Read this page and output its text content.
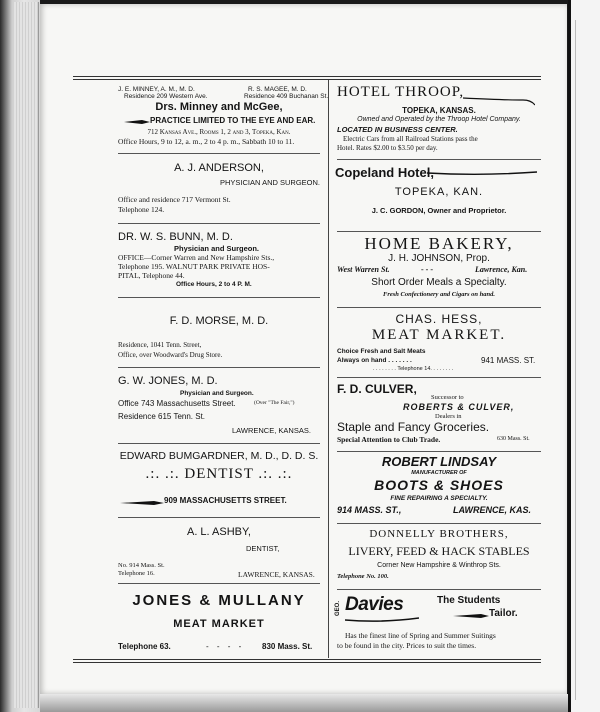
J. E. MINNEY, A. M., M. D.
Residence 209 Western Ave.
R. S. MAGEE, M. D.
Residence 409 Buchanan St.
Drs. Minney and McGee,
PRACTICE LIMITED TO THE EYE AND EAR.
712 Kansas Ave., Rooms 1, 2 and 3, Topeka, Kan.
Office Hours, 9 to 12, a. m., 2 to 4 p. m., Sabbath 10 to 11.
A. J. ANDERSON,
PHYSICIAN AND SURGEON.
Office and residence 717 Vermont St.
Telephone 124.
DR. W. S. BUNN, M. D.
Physician and Surgeon.
OFFICE—Corner Warren and New Hampshire Sts.,
Telephone 195. WALNUT PARK PRIVATE HOS-
PITAL, Telephone 44.
Office Hours, 2 to 4 P. M.
F. D. MORSE, M. D.
Residence, 1041 Tenn. Street,
Office, over Woodward's Drug Store.
G. W. JONES, M. D.
Physician and Surgeon.
Office 743 Massachusetts Street.	(Over "The Fair,")
Residence 615 Tenn. St.
LAWRENCE, KANSAS.
EDWARD BUMGARDNER, M. D., D. D. S.
.:. .:. DENTIST .:. .:.
909 MASSACHUSETTS STREET.
A. L. ASHBY,
DENTIST,
No. 914 Mass. St.
Telephone 16.	LAWRENCE, KANSAS.
JONES & MULLANY
MEAT MARKET
Telephone 63.	- - - - 830 Mass. St.
HOTEL THROOP,
TOPEKA, KANSAS.
Owned and Operated by the Throop Hotel Company.
LOCATED IN BUSINESS CENTER.
Electric Cars from all Railroad Stations pass the
Hotel. Rates $2.00 to $3.50 per day.
Copeland Hotel,
TOPEKA, KAN.
J. C. GORDON, Owner and Proprietor.
HOME BAKERY,
J. H. JOHNSON, Prop.
West Warren St.	- - -	Lawrence, Kan.
Short Order Meals a Specialty.
Fresh Confectionery and Cigars on hand.
CHAS. HESS,
MEAT MARKET.
Choice Fresh and Salt Meats
Always on hand . . . . . . .	941 MASS. ST.
. . . . . . . . Telephone 14. . . . . . . .
F. D. CULVER,
Successor to
ROBERTS & CULVER,
Dealers in
Staple and Fancy Groceries.
Special Attention to Club Trade.	630 Mass. St.
ROBERT LINDSAY
MANUFACTURER OF
BOOTS & SHOES
FINE REPAIRING A SPECIALTY.
914 MASS. ST.,	LAWRENCE, KAS.
DONNELLY BROTHERS,
LIVERY, FEED & HACK STABLES
Corner New Hampshire & Winthrop Sts.
Telephone No. 100.
GEO. Davies	The Students
Tailor.
Has the finest line of Spring and Summer Suitings
to be found in the city. Prices to suit the times.
